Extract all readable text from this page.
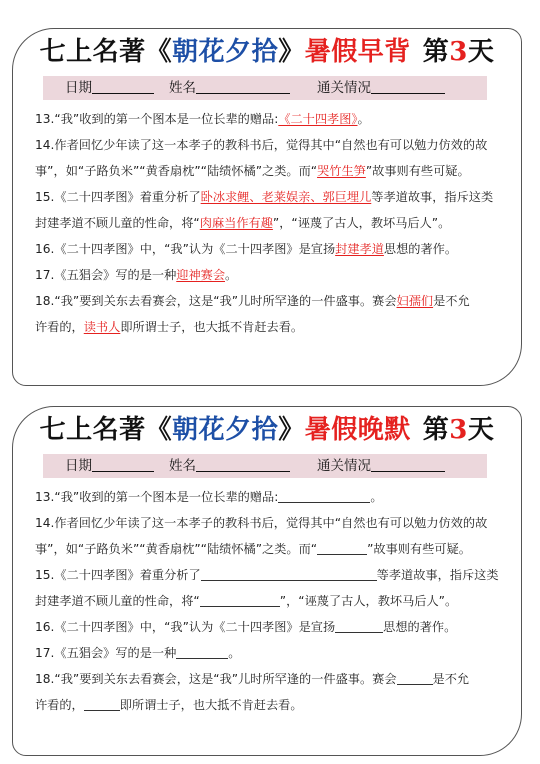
七上名著《朝花夕拾》暑假早背 第3天
日期	姓名	通关情况
13.“我”收到的第一个图本是一位长辈的赠品:《二十四孝图》。
14.作者回忆少年读了这一本孝子的教科书后，觉得其中“自然也有可以勉力仿效的故
事”，如“子路负米”“黄香扇枕”“陆绩怀橘”之类。而“哭竹生笋”故事则有些可疑。
15.《二十四孝图》着重分析了卧冰求鲤、老莱娱亲、郭巨埋儿等孝道故事，指斥这类
封建孝道不顾儿童的性命，将“肉麻当作有趣”，“诬蔑了古人，教坏马后人”。
16.《二十四孝图》中，“我”认为《二十四孝图》是宣扬封建孝道思想的著作。
17.《五猖会》写的是一种迎神赛会。
18.“我”要到关东去看赛会，这是“我”儿时所罕逢的一件盛事。赛会妇孺们是不允
许看的，读书人即所谓士子，也大抵不肯赶去看。
七上名著《朝花夕拾》暑假晚默 第3天
日期	姓名	通关情况
13.“我”收到的第一个图本是一位长辈的赠品:	。
14.作者回忆少年读了这一本孝子的教科书后，觉得其中“自然也有可以勉力仿效的故
事”，如“子路负米”“黄香扇枕”“陆绩怀橘”之类。而“	”故事则有些可疑。
15.《二十四孝图》着重分析了	等孝道故事，指斥这类
封建孝道不顾儿童的性命，将“	”，“诬蔑了古人，教坏马后人”。
16.《二十四孝图》中，“我”认为《二十四孝图》是宣扬	思想的著作。
17.《五猖会》写的是一种	。
18.“我”要到关东去看赛会，这是“我”儿时所罕逢的一件盛事。赛会	是不允
许看的，	即所谓士子，也大抵不肯赶去看。
